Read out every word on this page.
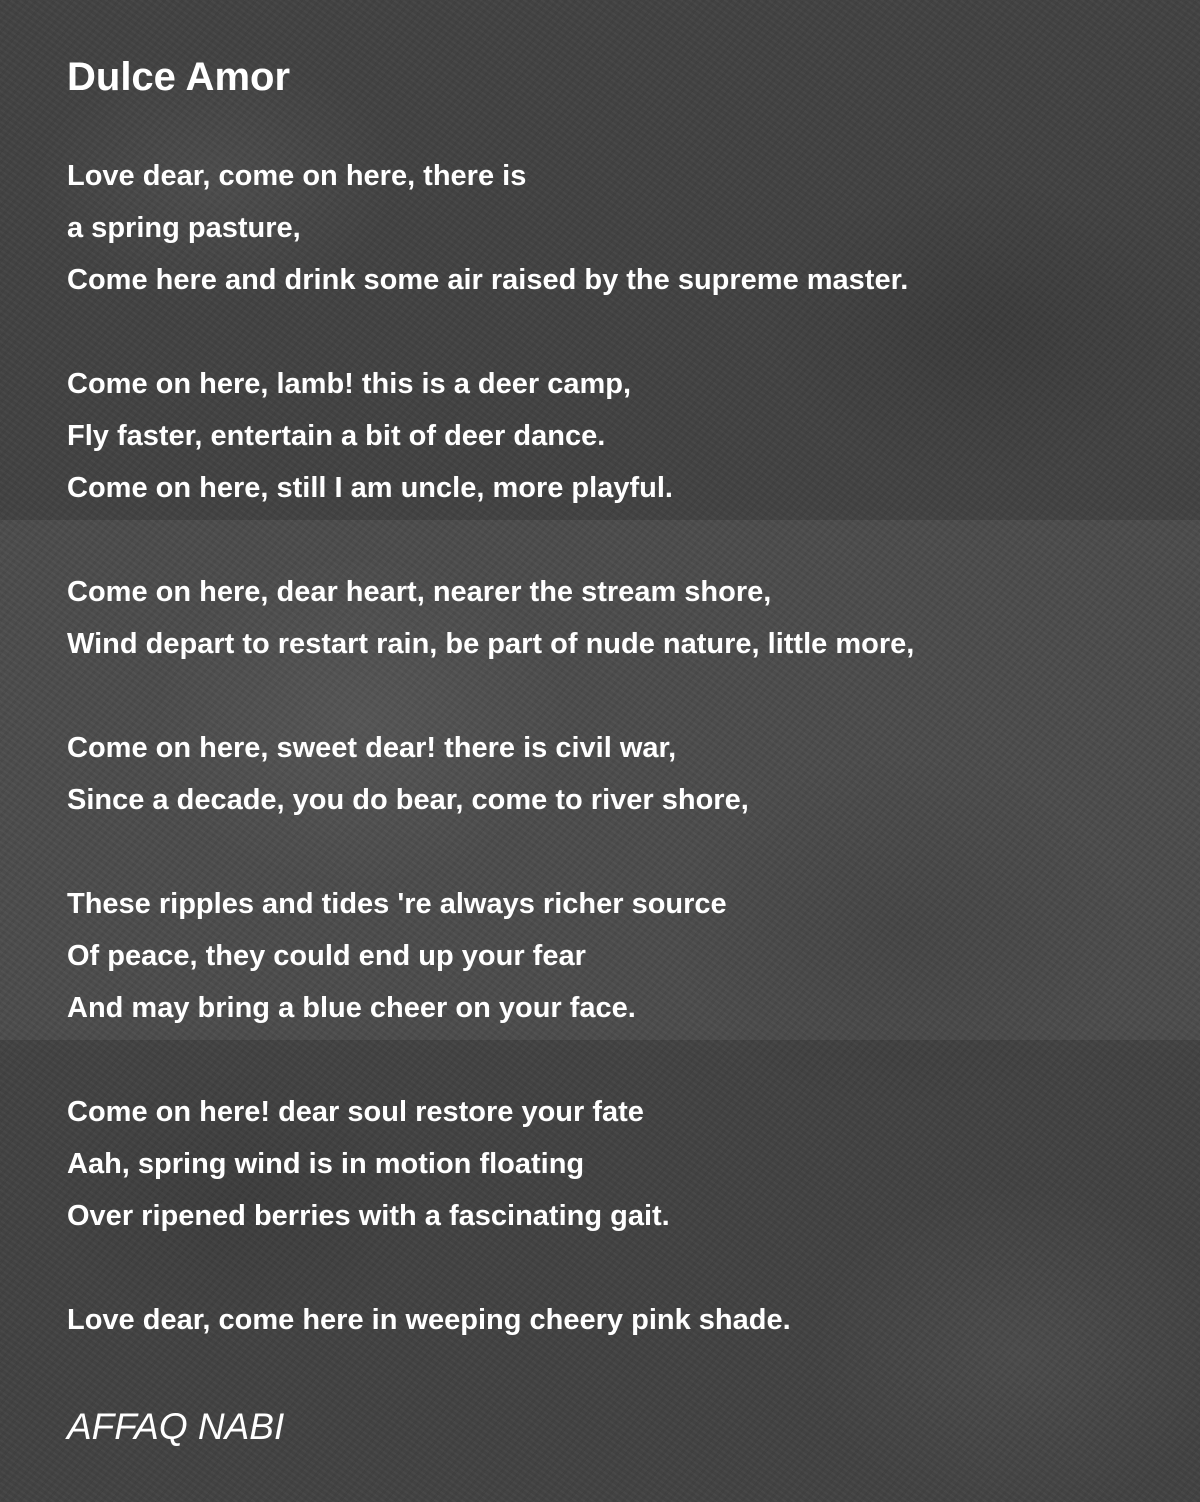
Dulce Amor
Love dear, come on here, there is
a spring pasture,
Come here and drink some air raised by the supreme master.
Come on here, lamb! this is a deer camp,
Fly faster, entertain a bit of deer dance.
Come on here, still I am uncle, more playful.
Come on here, dear heart, nearer the stream shore,
Wind depart to restart rain, be part of nude nature, little more,
Come on here, sweet dear! there is civil war,
Since a decade, you do bear, come to river shore,
These ripples and tides 're always richer source
Of peace, they could end up your fear
And may bring a blue cheer on your face.
Come on here! dear soul restore your fate
Aah, spring wind is in motion floating
Over ripened berries with a fascinating gait.
Love dear, come here in weeping cheery pink shade.

AFFAQ NABI
